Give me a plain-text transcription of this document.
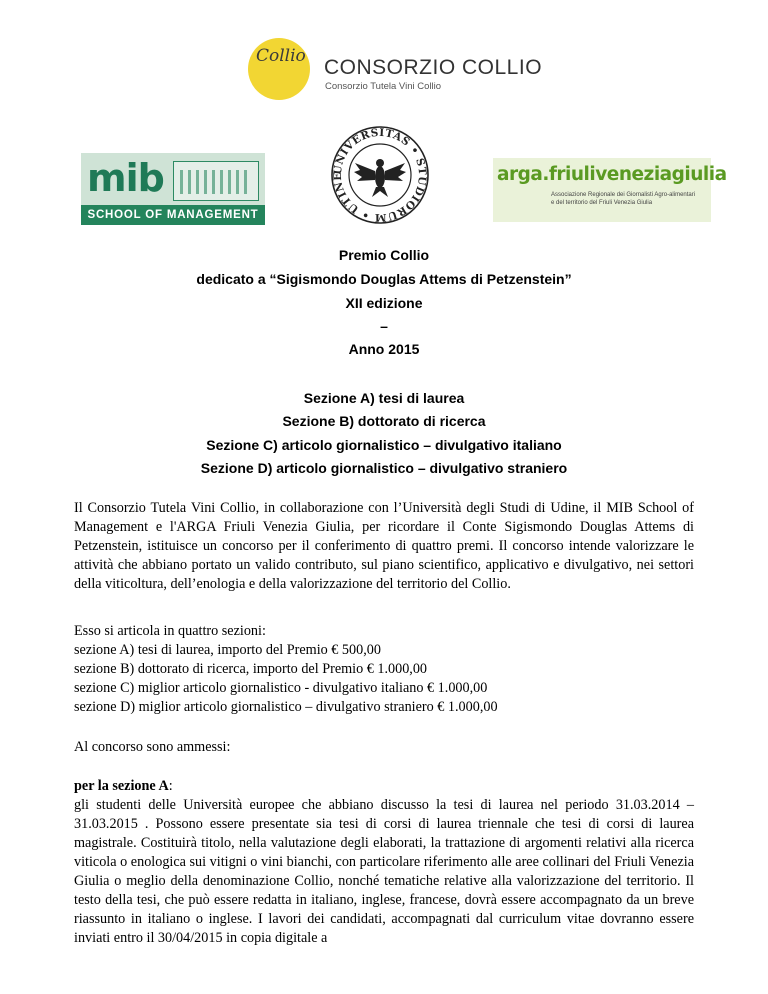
Collio CONSORZIO COLLIO
Consorzio Tutela Vini Collio
mib
SCHOOL OF MANAGEMENT
UNIVERSITAS • STUDIORUM • UTINE	arga.friuliveneziagiulia
Associazione Regionale dei Giornalisti Agro-alimentari
e del territorio del Friuli Venezia Giulia
Premio Collio
dedicato a “Sigismondo Douglas Attems di Petzenstein”
XII edizione
–
Anno 2015
Sezione A) tesi di laurea
Sezione B) dottorato di ricerca
Sezione C) articolo giornalistico – divulgativo italiano
Sezione D) articolo giornalistico – divulgativo straniero
Il Consorzio Tutela Vini Collio, in collaborazione con l’Università degli Studi di Udine, il MIB School of Management e l'ARGA Friuli Venezia Giulia, per ricordare il Conte Sigismondo Douglas Attems di Petzenstein, istituisce un concorso per il conferimento di quattro premi. Il concorso intende valorizzare le attività che abbiano portato un valido contributo, sul piano scientifico, applicativo e divulgativo, nei settori della viticoltura, dell’enologia e della valorizzazione del territorio del Collio.
Esso si articola in quattro sezioni:
sezione A) tesi di laurea, importo del Premio € 500,00
sezione B) dottorato di ricerca, importo del Premio € 1.000,00
sezione C) miglior articolo giornalistico - divulgativo italiano € 1.000,00
sezione D) miglior articolo giornalistico – divulgativo straniero € 1.000,00
Al concorso sono ammessi:
per la sezione A:
gli studenti delle Università europee che abbiano discusso la tesi di laurea nel periodo 31.03.2014 – 31.03.2015 . Possono essere presentate sia tesi di corsi di laurea triennale che tesi di corsi di laurea magistrale. Costituirà titolo, nella valutazione degli elaborati, la trattazione di argomenti relativi alla ricerca viticola o enologica sui vitigni o vini bianchi, con particolare riferimento alle aree collinari del Friuli Venezia Giulia o meglio della denominazione Collio, nonché tematiche relative alla valorizzazione del territorio. Il testo della tesi, che può essere redatta in italiano, inglese, francese, dovrà essere accompagnato da un breve riassunto in italiano o inglese. I lavori dei candidati, accompagnati dal curriculum vitae dovranno essere inviati entro il 30/04/2015 in copia digitale a
